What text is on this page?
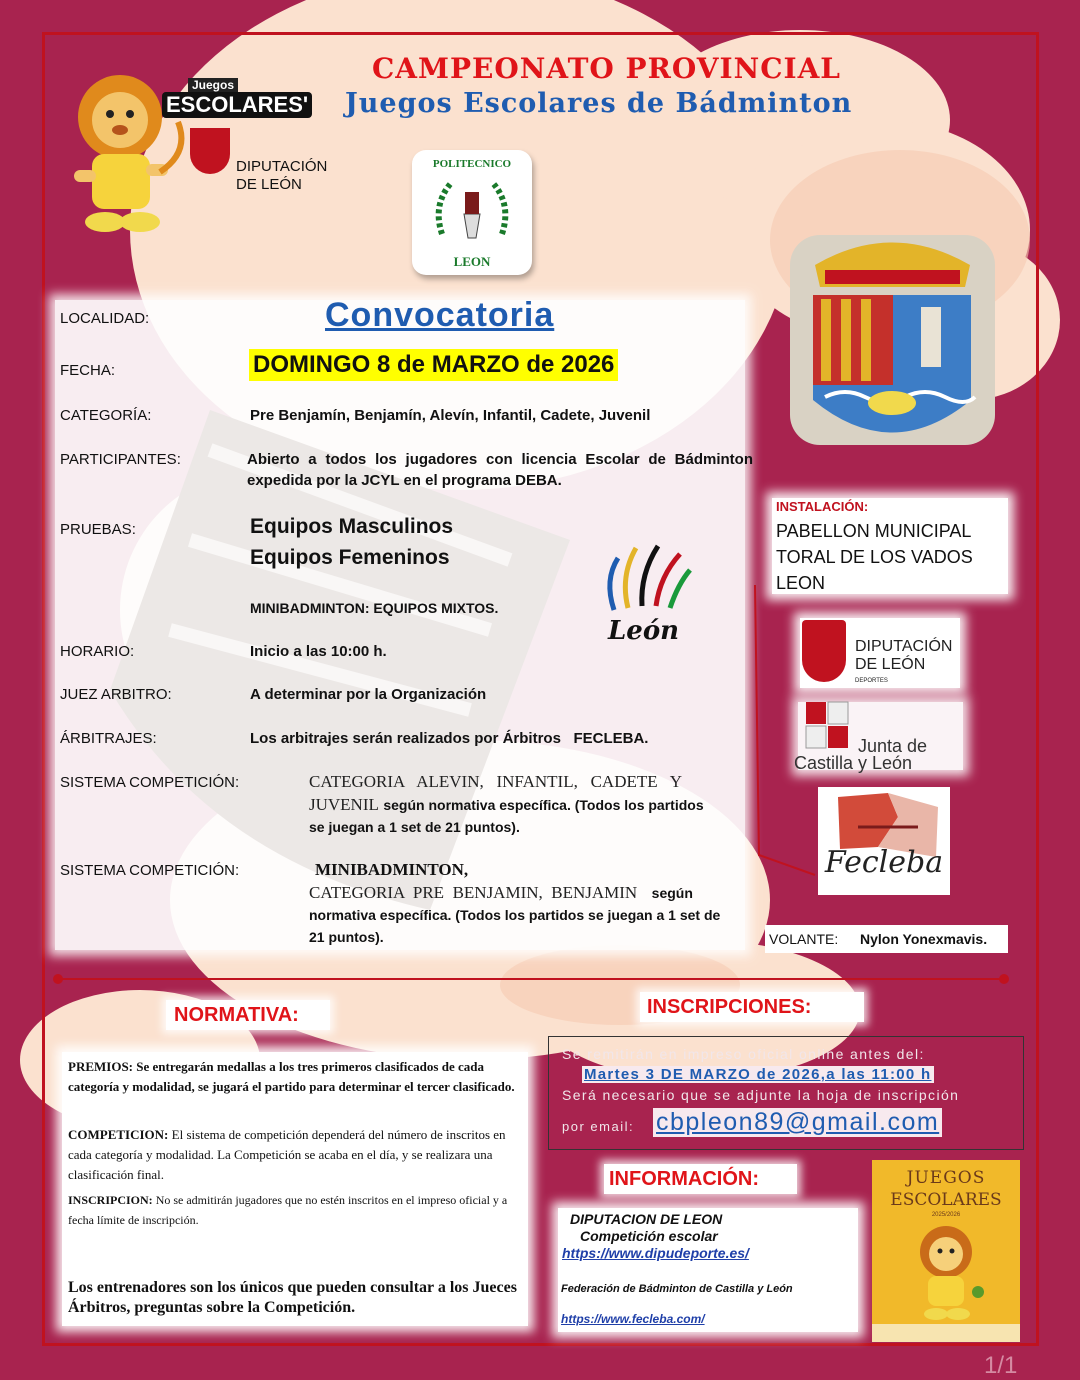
CAMPEONATO PROVINCIAL
Juegos Escolares de Bádminton
Juegos
ESCOLARES'
DIPUTACIÓN
DE LEÓN
POLITECNICO
LEON
Convocatoria
LOCALIDAD:
FECHA:	DOMINGO 8 de MARZO de 2026
CATEGORÍA:	Pre Benjamín, Benjamín, Alevín, Infantil, Cadete, Juvenil
PARTICIPANTES:	Abierto a todos los jugadores con licencia Escolar de Bádminton
expedida por la JCYL en el programa DEBA.
PRUEBAS:	Equipos Masculinos
Equipos Femeninos
MINIBADMINTON: EQUIPOS MIXTOS.
León
HORARIO:	Inicio a las 10:00 h.
JUEZ ARBITRO:	A determinar por la Organización
ÁRBITRAJES:	Los arbitrajes serán realizados por Árbitros   FECLEBA.
SISTEMA COMPETICIÓN:	CATEGORIA   ALEVIN,   INFANTIL,   CADETE   Y
JUVENIL según normativa específica. (Todos los partidos
se juegan a 1 set de 21 puntos).
SISTEMA COMPETICIÓN:	MINIBADMINTON,
CATEGORIA  PRE  BENJAMIN,  BENJAMIN según
normativa específica. (Todos los partidos se juegan a 1 set de
21 puntos).
INSTALACIÓN:
PABELLON MUNICIPAL
TORAL DE LOS VADOS
LEON
DIPUTACIÓN
DE LEÓN
DEPORTES
Junta de
Castilla y León
Fecleba
VOLANTE: Nylon Yonexmavis.
NORMATIVA:
PREMIOS: Se entregarán medallas a los tres primeros clasificados de cada categoría y modalidad, se jugará el partido para determinar el tercer clasificado.
COMPETICION: El sistema de competición dependerá del número de inscritos en cada categoría y modalidad. La Competición se acaba en el día, y se realizara una clasificación final.
INSCRIPCION: No se admitirán jugadores que no estén inscritos en el impreso oficial y a fecha límite de inscripción.
Los entrenadores son los únicos que pueden consultar a los Jueces Árbitros, preguntas sobre la Competición.
INSCRIPCIONES:
Se remitirán en impreso oficial online antes del:
Martes 3 DE MARZO de 2026,a las 11:00 h
Será necesario que se adjunte la hoja de inscripción
por email: cbpleon89@gmail.com
INFORMACIÓN:
DIPUTACION DE LEON
Competición escolar
https://www.dipudeporte.es/
Federación de Bádminton de Castilla y León
https://www.fecleba.com/
JUEGOS
ESCOLARES
2025/2026
1/1
